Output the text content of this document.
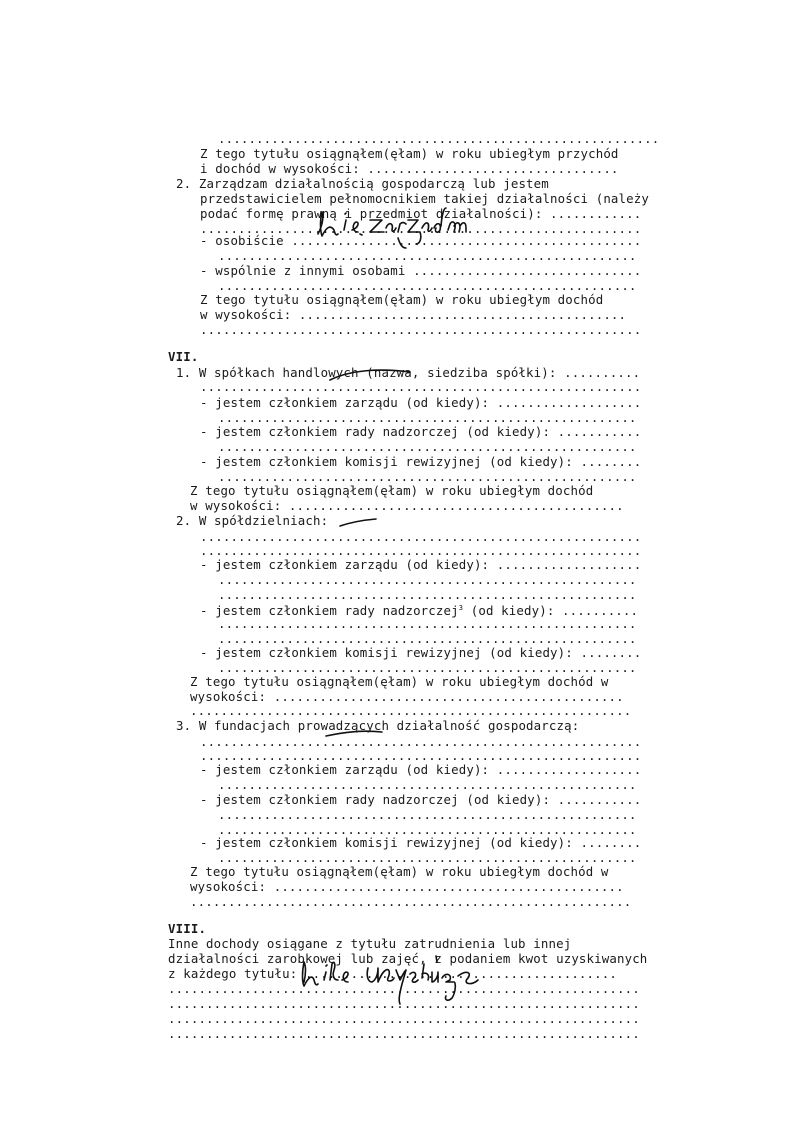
..........................................................
Z tego tytułu osiągnąłem(ęłam) w roku ubiegłym przychód
i dochód w wysokości: .................................
2. Zarządzam działalnością gospodarczą lub jestem
przedstawicielem pełnomocnikiem takiej działalności (należy
podać formę prawną i przedmiot działalności): ............
..........................................................
- osobiście ..............................................
.......................................................
- wspólnie z innymi osobami ..............................
.......................................................
Z tego tytułu osiągnąłem(ęłam) w roku ubiegłym dochód
w wysokości: ...........................................
..........................................................
VII.
1. W spółkach handlowych (nazwa, siedziba spółki): ..........
..........................................................
- jestem członkiem zarządu (od kiedy): ...................
.......................................................
- jestem członkiem rady nadzorczej (od kiedy): ...........
.......................................................
- jestem członkiem komisji rewizyjnej (od kiedy): ........
.......................................................
Z tego tytułu osiągnąłem(ęłam) w roku ubiegłym dochód
w wysokości: ............................................
2. W spółdzielniach:
..........................................................
..........................................................
- jestem członkiem zarządu (od kiedy): ...................
.......................................................
.......................................................
- jestem członkiem rady nadzorczej$^3$ (od kiedy): ..........
.......................................................
.......................................................
- jestem członkiem komisji rewizyjnej (od kiedy): ........
.......................................................
Z tego tytułu osiągnąłem(ęłam) w roku ubiegłym dochód w
wysokości: ..............................................
..........................................................
3. W fundacjach prowadzących działalność gospodarczą:
..........................................................
..........................................................
- jestem członkiem zarządu (od kiedy): ...................
.......................................................
- jestem członkiem rady nadzorczej (od kiedy): ...........
.......................................................
.......................................................
- jestem członkiem komisji rewizyjnej (od kiedy): ........
.......................................................
Z tego tytułu osiągnąłem(ęłam) w roku ubiegłym dochód w
wysokości: ..............................................
..........................................................
VIII.
Inne dochody osiągane z tytułu zatrudnienia lub innej
działalności zarobkowej lub zajęć, z podaniem kwot uzyskiwanych
z każdego tytułu: .........................................
..............................................................
..............................................................
..............................................................
..............................................................
